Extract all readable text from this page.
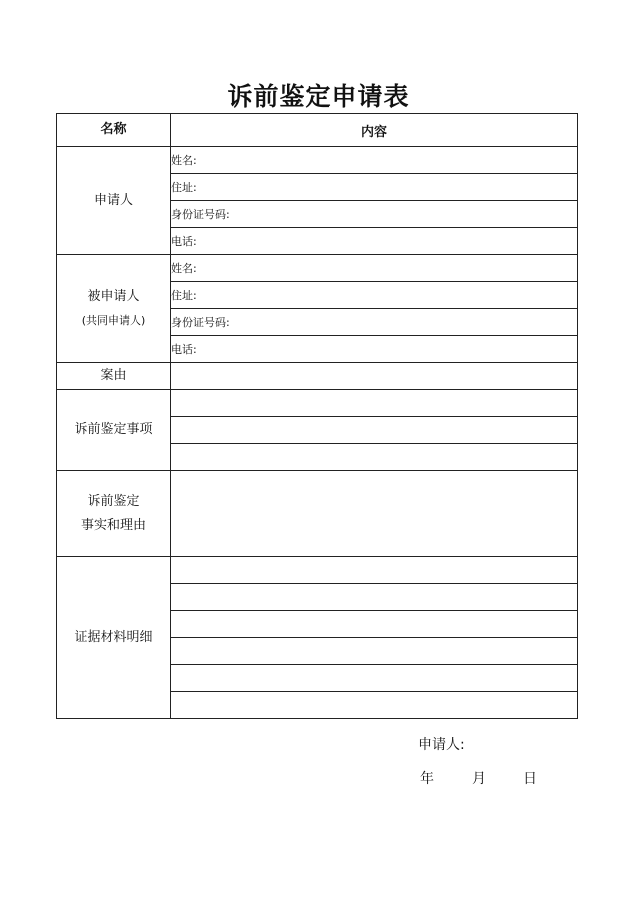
诉前鉴定申请表
名称	内容
申请人	姓名:
	住址:
	身份证号码:
	电话:

被申请人
(共同申请人)	姓名:
	住址:
	身份证号码:
	电话:
案由	
诉前鉴定事项	

诉前鉴定
事实和理由	

证据材料明细	

申请人:
年	月	日
